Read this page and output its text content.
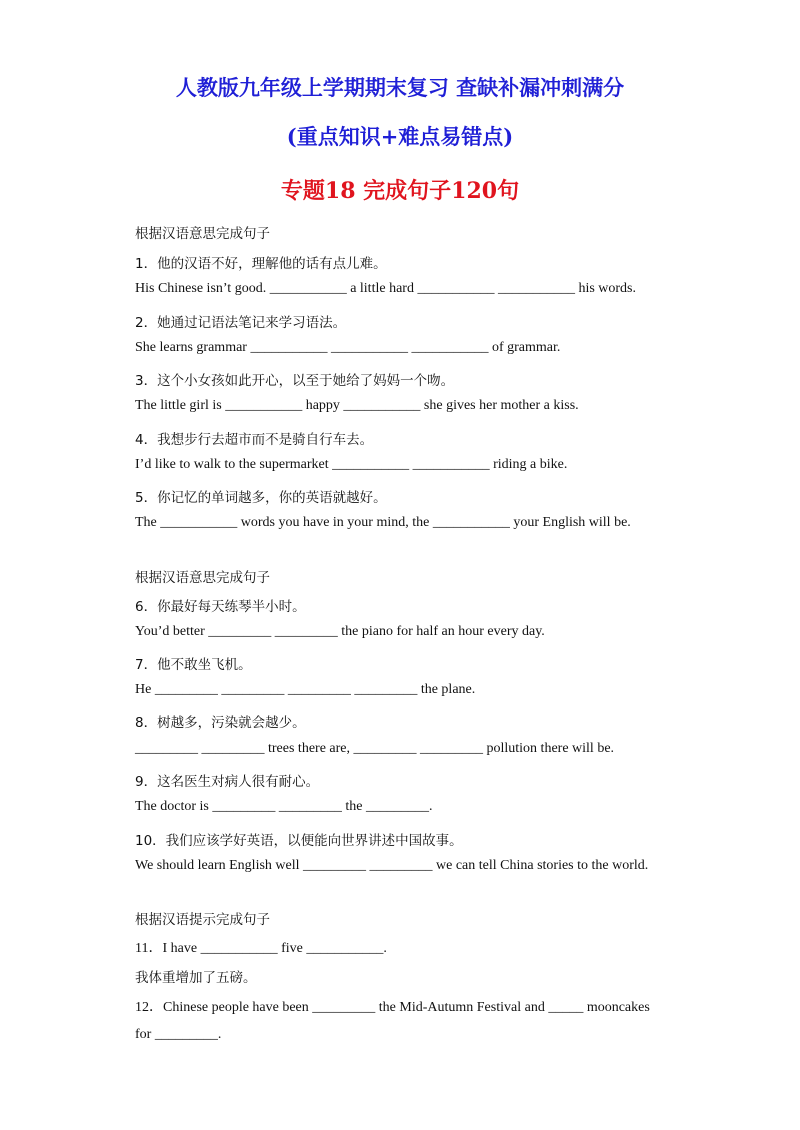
人教版九年级上学期期末复习 查缺补漏冲刺满分
(重点知识+难点易错点)
专题18 完成句子120句
根据汉语意思完成句子
1．他的汉语不好，理解他的话有点儿难。
His Chinese isn’t good. ___________ a little hard ___________ ___________ his words.
2．她通过记语法笔记来学习语法。
She learns grammar ___________ ___________ ___________ of grammar.
3．这个小女孩如此开心，以至于她给了妈妈一个吻。
The little girl is ___________ happy ___________ she gives her mother a kiss.
4．我想步行去超市而不是骑自行车去。
I’d like to walk to the supermarket ___________ ___________ riding a bike.
5．你记忆的单词越多，你的英语就越好。
The ___________ words you have in your mind, the ___________ your English will be.
根据汉语意思完成句子
6．你最好每天练琴半小时。
You’d better _________ _________ the piano for half an hour every day.
7．他不敢坐飞机。
He _________ _________ _________ _________ the plane.
8．树越多，污染就会越少。
_________ _________ trees there are, _________ _________ pollution there will be.
9．这名医生对病人很有耐心。
The doctor is _________ _________ the _________.
10．我们应该学好英语，以便能向世界讲述中国故事。
We should learn English well _________ _________ we can tell China stories to the world.
根据汉语提示完成句子
11．I have ___________ five ___________.
我体重增加了五磅。
12．Chinese people have been _________ the Mid-Autumn Festival and _____ mooncakes
for _________.
